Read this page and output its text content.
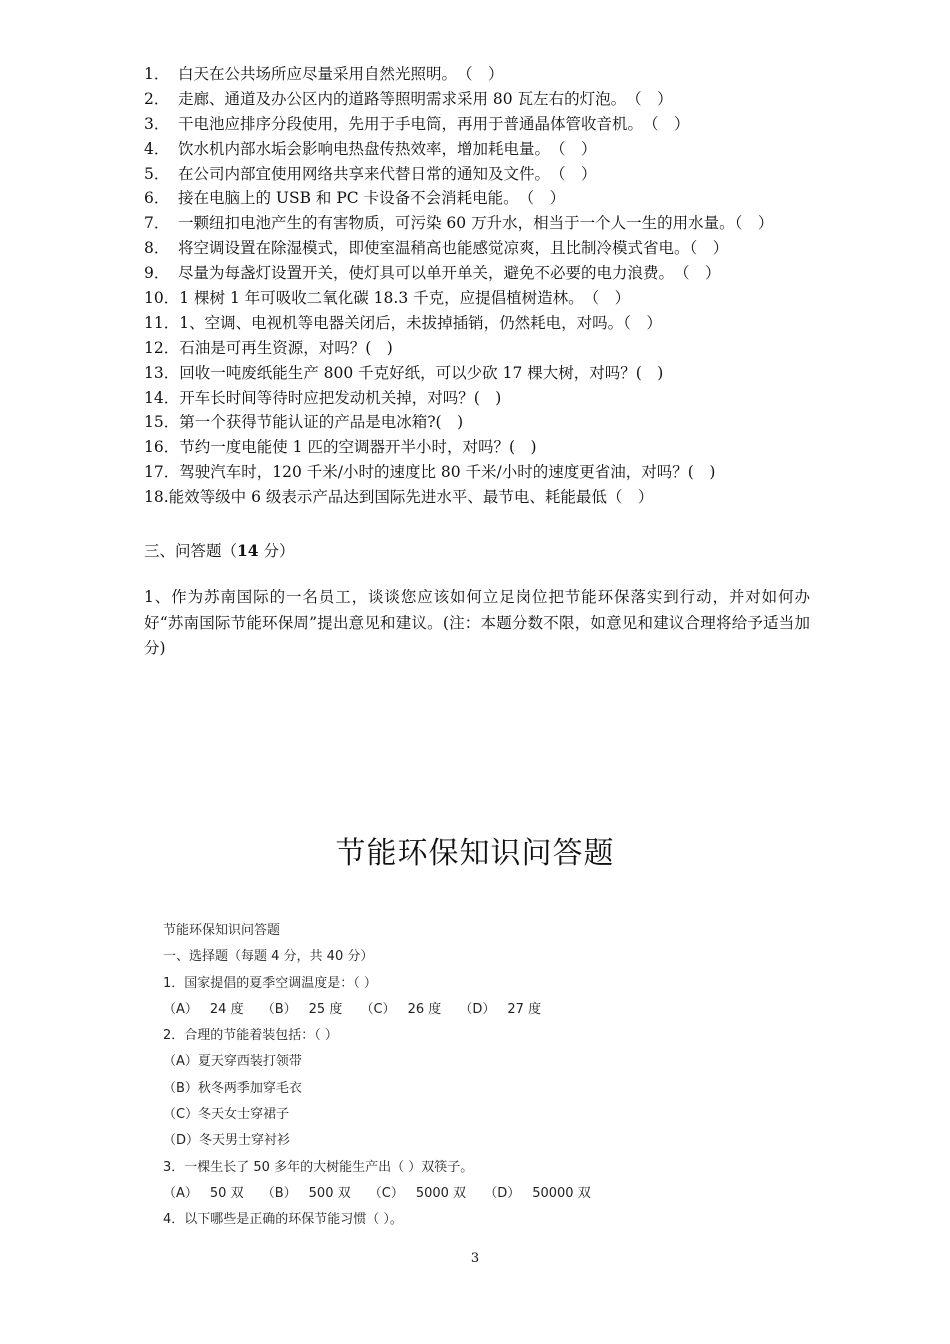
1． 白天在公共场所应尽量采用自然光照明。　（　）
2． 走廊、通道及办公区内的道路等照明需求采用 80 瓦左右的灯泡。　（　）
3． 干电池应排序分段使用，先用于手电筒，再用于普通晶体管收音机。　（　）
4． 饮水机内部水垢会影响电热盘传热效率，增加耗电量。　（　）
5． 在公司内部宜使用网络共享来代替日常的通知及文件。　（　）
6． 接在电脑上的 USB 和 PC 卡设备不会消耗电能。　（　）
7． 一颗纽扣电池产生的有害物质，可污染 60 万升水，相当于一个人一生的用水量。（　）
8． 将空调设置在除湿模式，即使室温稍高也能感觉凉爽，且比制冷模式省电。（　）
9． 尽量为每盏灯设置开关，使灯具可以单开单关，避免不必要的电力浪费。　（　）
10．1 棵树 1 年可吸收二氧化碳 18.3 千克，应提倡植树造林。　（　）
11．1、空调、电视机等电器关闭后，未拔掉插销，仍然耗电，对吗。（　）
12．石油是可再生资源，对吗？(　)
13．回收一吨废纸能生产 800 千克好纸，可以少砍 17 棵大树，对吗？(　)
14．开车长时间等待时应把发动机关掉，对吗？(　)
15．第一个获得节能认证的产品是电冰箱?(　)
16．节约一度电能使 1 匹的空调器开半小时，对吗？(　)
17．驾驶汽车时，120 千米/小时的速度比 80 千米/小时的速度更省油，对吗？(　)
18.能效等级中 6 级表示产品达到国际先进水平、最节电、耗能最低（　）
三、问答题（14 分）
1、作为苏南国际的一名员工，谈谈您应该如何立足岗位把节能环保落实到行动，并对如何办好“苏南国际节能环保周”提出意见和建议。(注：本题分数不限，如意见和建议合理将给予适当加分)
节能环保知识问答题
节能环保知识问答题
一、选择题（每题 4 分，共 40 分）
1．国家提倡的夏季空调温度是：（ ）
（A） 24 度 （B） 25 度 （C） 26 度 （D） 27 度
2．合理的节能着装包括：（ ）
（A）夏天穿西装打领带
（B）秋冬两季加穿毛衣
（C）冬天女士穿裙子
（D）冬天男士穿衬衫
3．一棵生长了 50 多年的大树能生产出（ ）双筷子。
（A） 50 双 （B） 500 双 （C） 5000 双 （D） 50000 双
4．以下哪些是正确的环保节能习惯（ ）。
3
